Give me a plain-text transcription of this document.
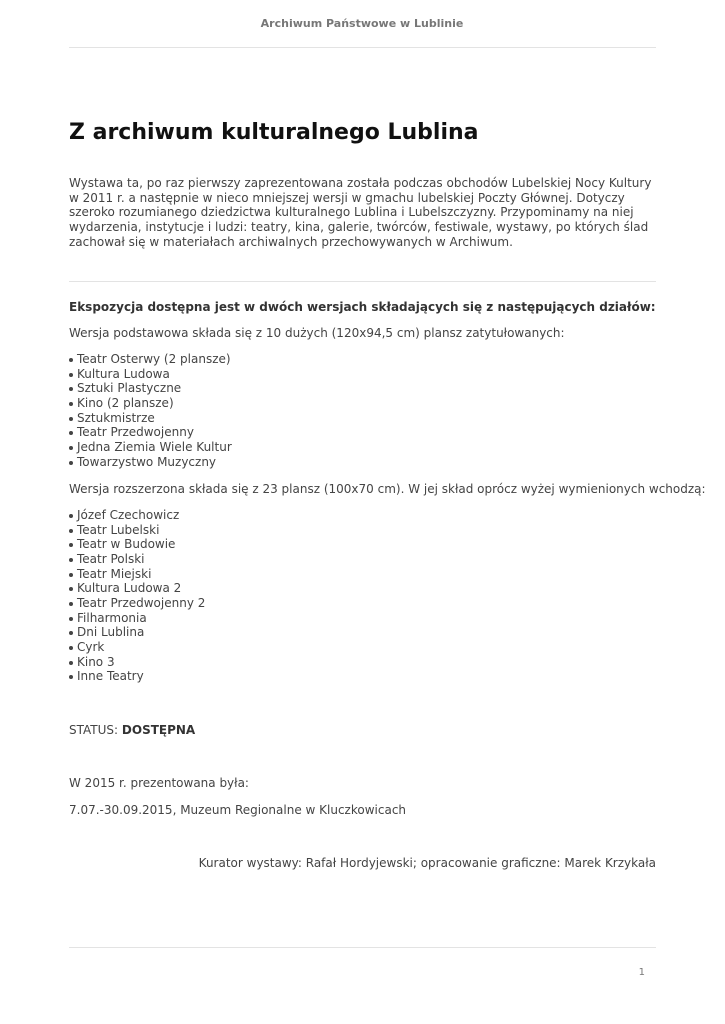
Archiwum Państwowe w Lublinie
Z archiwum kulturalnego Lublina

Wystawa ta, po raz pierwszy zaprezentowana została podczas obchodów Lubelskiej Nocy Kultury w 2011 r. a następnie w nieco mniejszej wersji w gmachu lubelskiej Poczty Głównej. Dotyczy szeroko rozumianego dziedzictwa kulturalnego Lublina i Lubelszczyzny. Przypominamy na niej wydarzenia, instytucje i ludzi: teatry, kina, galerie, twórców, festiwale, wystawy, po których ślad zachował się w materiałach archiwalnych przechowywanych w Archiwum.

Ekspozycja dostępna jest w dwóch wersjach składających się z następujących działów:

Wersja podstawowa składa się z 10 dużych (120x94,5 cm) plansz zatytułowanych:

Teatr Osterwy (2 plansze)
Kultura Ludowa
Sztuki Plastyczne
Kino (2 plansze)
Sztukmistrze
Teatr Przedwojenny
Jedna Ziemia Wiele Kultur
Towarzystwo Muzyczny

Wersja rozszerzona składa się z 23 plansz (100x70 cm). W jej skład oprócz wyżej wymienionych wchodzą:

Józef Czechowicz
Teatr Lubelski
Teatr w Budowie
Teatr Polski
Teatr Miejski
Kultura Ludowa 2
Teatr Przedwojenny 2
Filharmonia
Dni Lublina
Cyrk
Kino 3
Inne Teatry

STATUS: DOSTĘPNA

W 2015 r. prezentowana była:

7.07.-30.09.2015, Muzeum Regionalne w Kluczkowicach

Kurator wystawy: Rafał Hordyjewski; opracowanie graficzne: Marek Krzykała

1
